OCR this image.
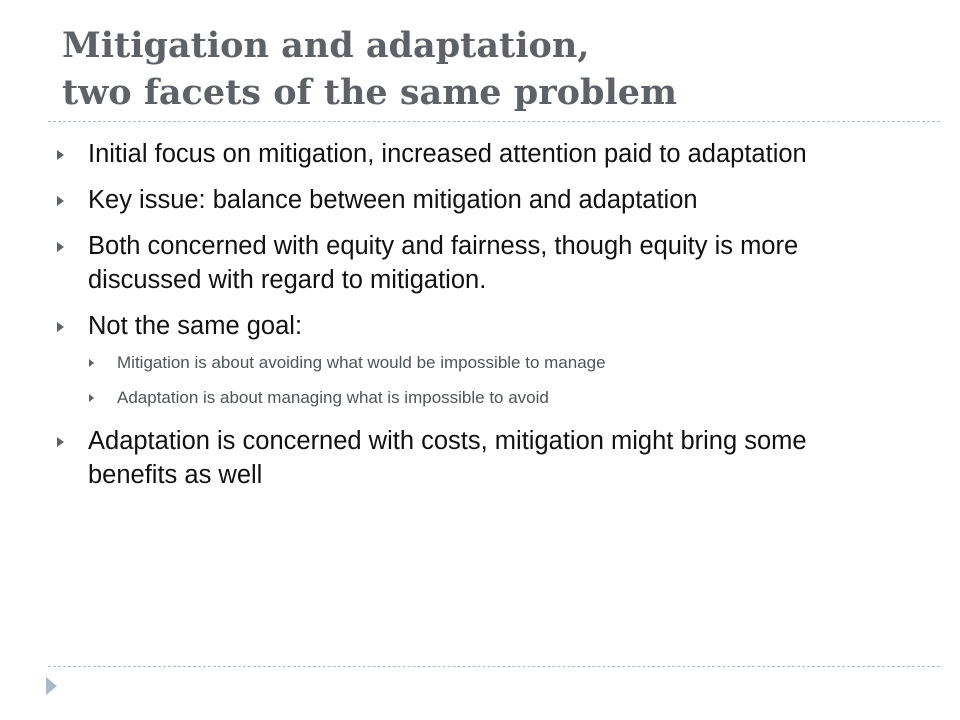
Mitigation and adaptation,
two facets of the same problem
Initial focus on mitigation, increased attention paid to adaptation
Key issue: balance between mitigation and adaptation
Both concerned with equity and fairness, though equity is more discussed with regard to mitigation.
Not the same goal:
Mitigation is about avoiding what would be impossible to manage
Adaptation is about managing what is impossible to avoid
Adaptation is concerned with costs, mitigation might bring some benefits as well
